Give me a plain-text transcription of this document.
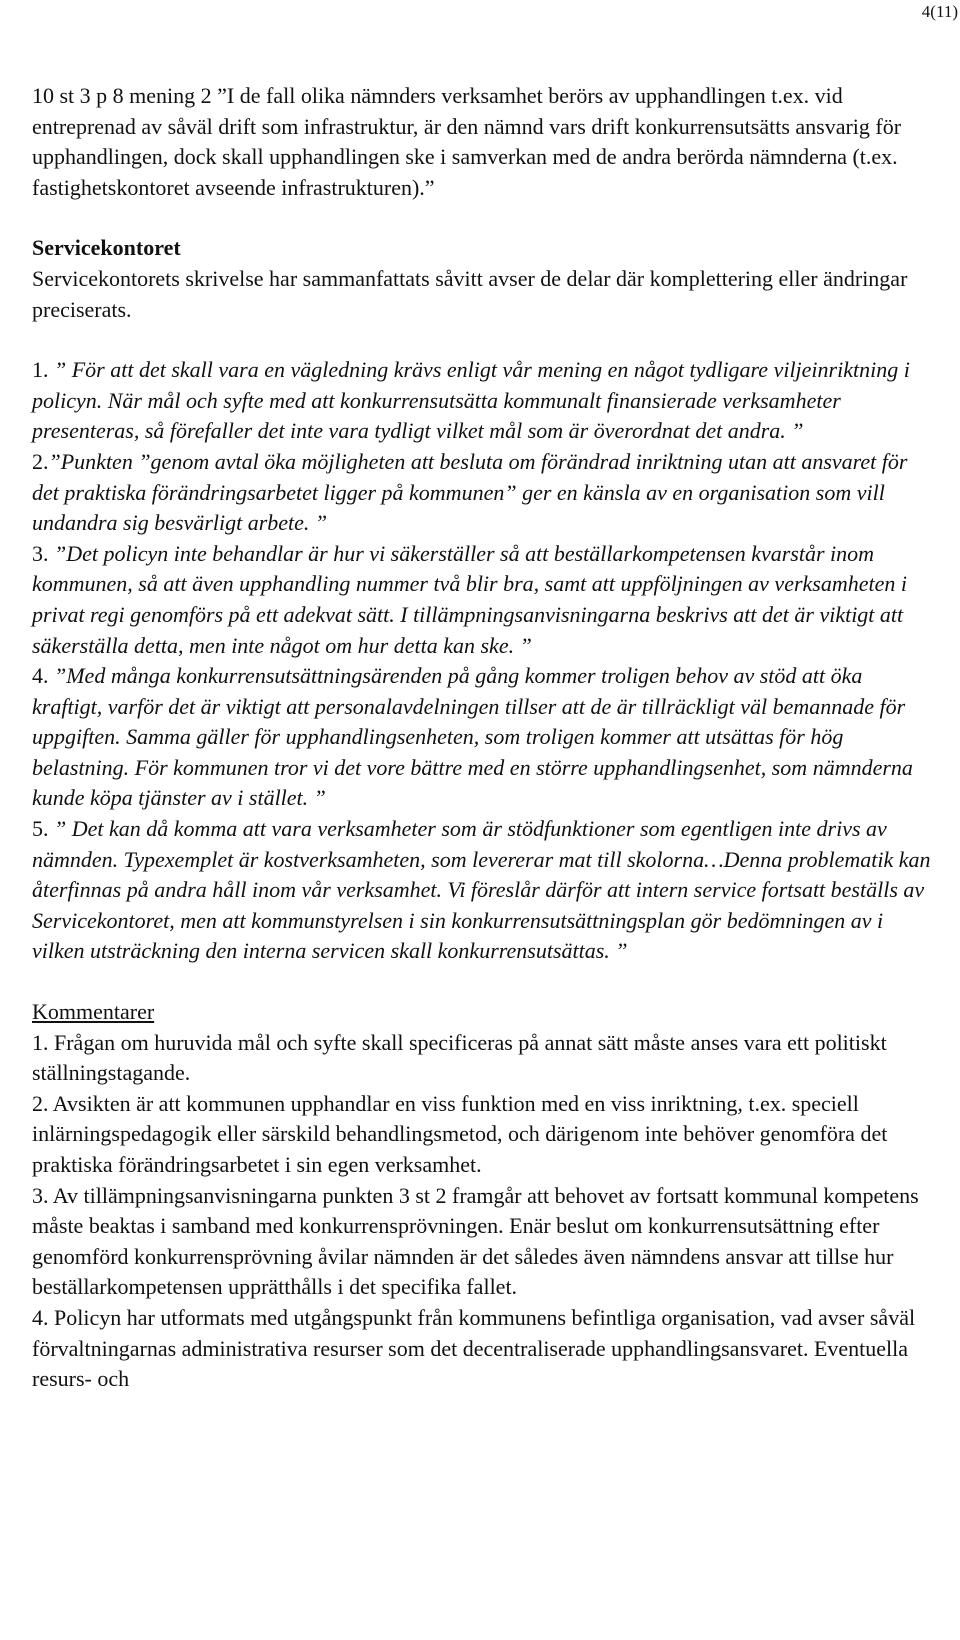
4(11)

10 st 3 p 8 mening 2 ”I de fall olika nämnders verksamhet berörs av upphandlingen t.ex. vid entreprenad av såväl drift som infrastruktur, är den nämnd vars drift konkurrensutsätts ansvarig för upphandlingen, dock skall upphandlingen ske i samverkan med de andra berörda nämnderna (t.ex. fastighetskontoret avseende infrastrukturen).”

Servicekontoret

Servicekontorets skrivelse har sammanfattats såvitt avser de delar där komplettering eller ändringar preciserats.

1. ” För att det skall vara en vägledning krävs enligt vår mening en något tydligare viljeinriktning i policyn. När mål och syfte med att konkurrensutsätta kommunalt finansierade verksamheter presenteras, så förefaller det inte vara tydligt vilket mål som är överordnat det andra. ”

2.”Punkten ”genom avtal öka möjligheten att besluta om förändrad inriktning utan att ansvaret för det praktiska förändringsarbetet ligger på kommunen” ger en känsla av en organisation som vill undandra sig besvärligt arbete. ”

3. ”Det policyn inte behandlar är hur vi säkerställer så att beställarkompetensen kvarstår inom kommunen, så att även upphandling nummer två blir bra, samt att uppföljningen av verksamheten i privat regi genomförs på ett adekvat sätt. I tillämpningsanvisningarna beskrivs att det är viktigt att säkerställa detta, men inte något om hur detta kan ske. ”

4. ”Med många konkurrensutsättningsärenden på gång kommer troligen behov av stöd att öka kraftigt, varför det är viktigt att personalavdelningen tillser att de är tillräckligt väl bemannade för uppgiften. Samma gäller för upphandlingsenheten, som troligen kommer att utsättas för hög belastning. För kommunen tror vi det vore bättre med en större upphandlingsenhet, som nämnderna kunde köpa tjänster av i stället. ”

5. ” Det kan då komma att vara verksamheter som är stödfunktioner som egentligen inte drivs av nämnden. Typexemplet är kostverksamheten, som levererar mat till skolorna…Denna problematik kan återfinnas på andra håll inom vår verksamhet. Vi föreslår därför att intern service fortsatt beställs av Servicekontoret, men att kommunstyrelsen i sin konkurrensutsättningsplan gör bedömningen av i vilken utsträckning den interna servicen skall konkurrensutsättas. ”

Kommentarer

1. Frågan om huruvida mål och syfte skall specificeras på annat sätt måste anses vara ett politiskt ställningstagande.

2. Avsikten är att kommunen upphandlar en viss funktion med en viss inriktning, t.ex. speciell inlärningspedagogik eller särskild behandlingsmetod, och därigenom inte behöver genomföra det praktiska förändringsarbetet i sin egen verksamhet.

3. Av tillämpningsanvisningarna punkten 3 st 2 framgår att behovet av fortsatt kommunal kompetens måste beaktas i samband med konkurrensprövningen. Enär beslut om konkurrensutsättning efter genomförd konkurrensprövning åvilar nämnden är det således även nämndens ansvar att tillse hur beställarkompetensen upprätthålls i det specifika fallet.

4. Policyn har utformats med utgångspunkt från kommunens befintliga organisation, vad avser såväl förvaltningarnas administrativa resurser som det decentraliserade upphandlingsansvaret. Eventuella resurs- och
